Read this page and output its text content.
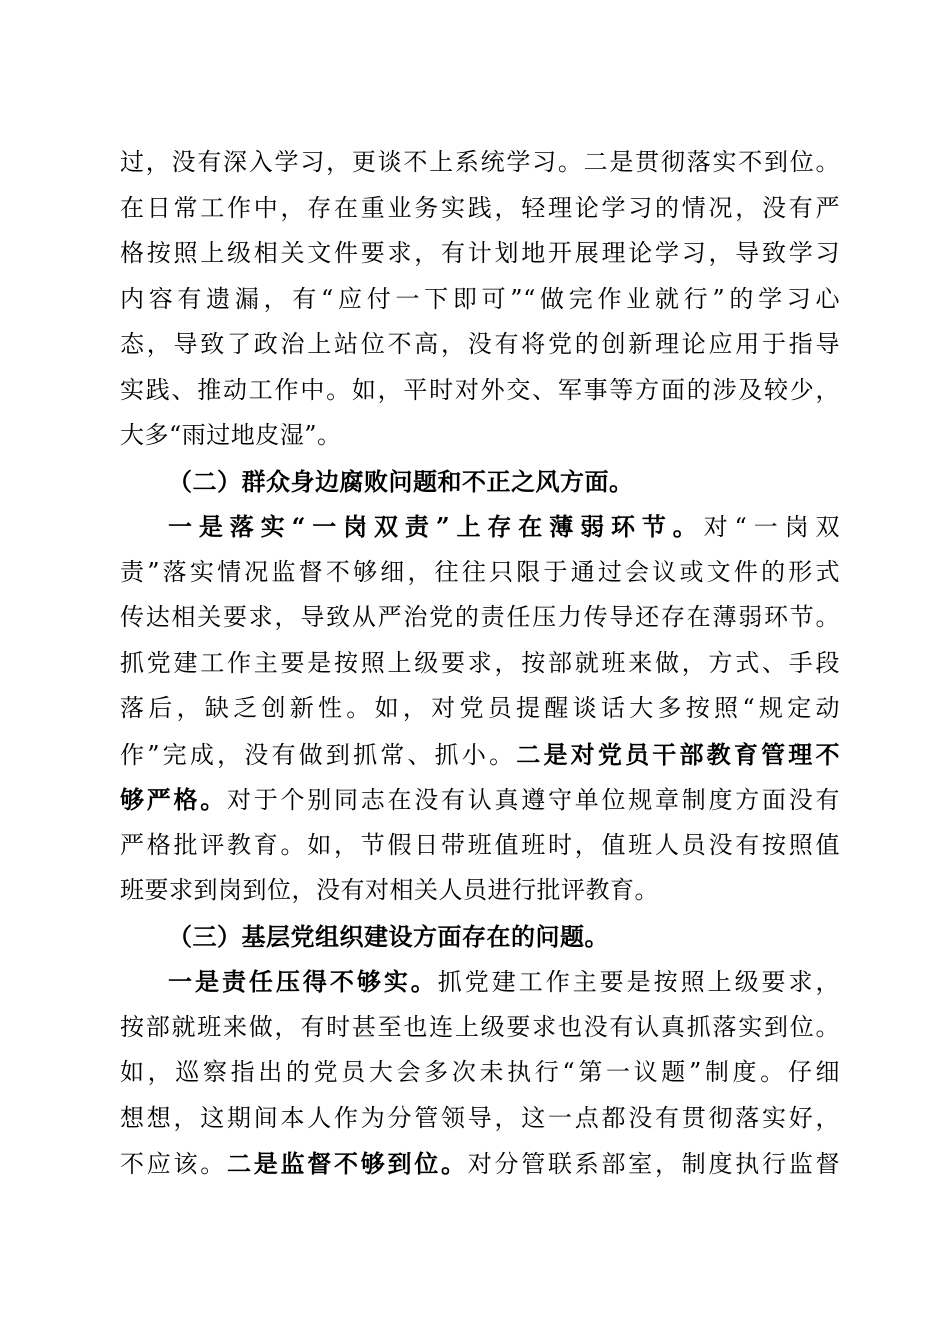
过，没有深入学习，更谈不上系统学习。二是贯彻落实不到位。
在日常工作中，存在重业务实践，轻理论学习的情况，没有严
格按照上级相关文件要求，有计划地开展理论学习，导致学习
内容有遗漏，有“应付一下即可”“做完作业就行”的学习心
态，导致了政治上站位不高，没有将党的创新理论应用于指导
实践、推动工作中。如，平时对外交、军事等方面的涉及较少，
大多“雨过地皮湿”。
（二）群众身边腐败问题和不正之风方面。
一是落实“一岗双责”上存在薄弱环节。对“一岗双
责”落实情况监督不够细，往往只限于通过会议或文件的形式
传达相关要求，导致从严治党的责任压力传导还存在薄弱环节。
抓党建工作主要是按照上级要求，按部就班来做，方式、手段
落后，缺乏创新性。如，对党员提醒谈话大多按照“规定动
作”完成，没有做到抓常、抓小。二是对党员干部教育管理不
够严格。对于个别同志在没有认真遵守单位规章制度方面没有
严格批评教育。如，节假日带班值班时，值班人员没有按照值
班要求到岗到位，没有对相关人员进行批评教育。
（三）基层党组织建设方面存在的问题。
一是责任压得不够实。抓党建工作主要是按照上级要求，
按部就班来做，有时甚至也连上级要求也没有认真抓落实到位。
如，巡察指出的党员大会多次未执行“第一议题”制度。仔细
想想，这期间本人作为分管领导，这一点都没有贯彻落实好，
不应该。二是监督不够到位。对分管联系部室，制度执行监督
